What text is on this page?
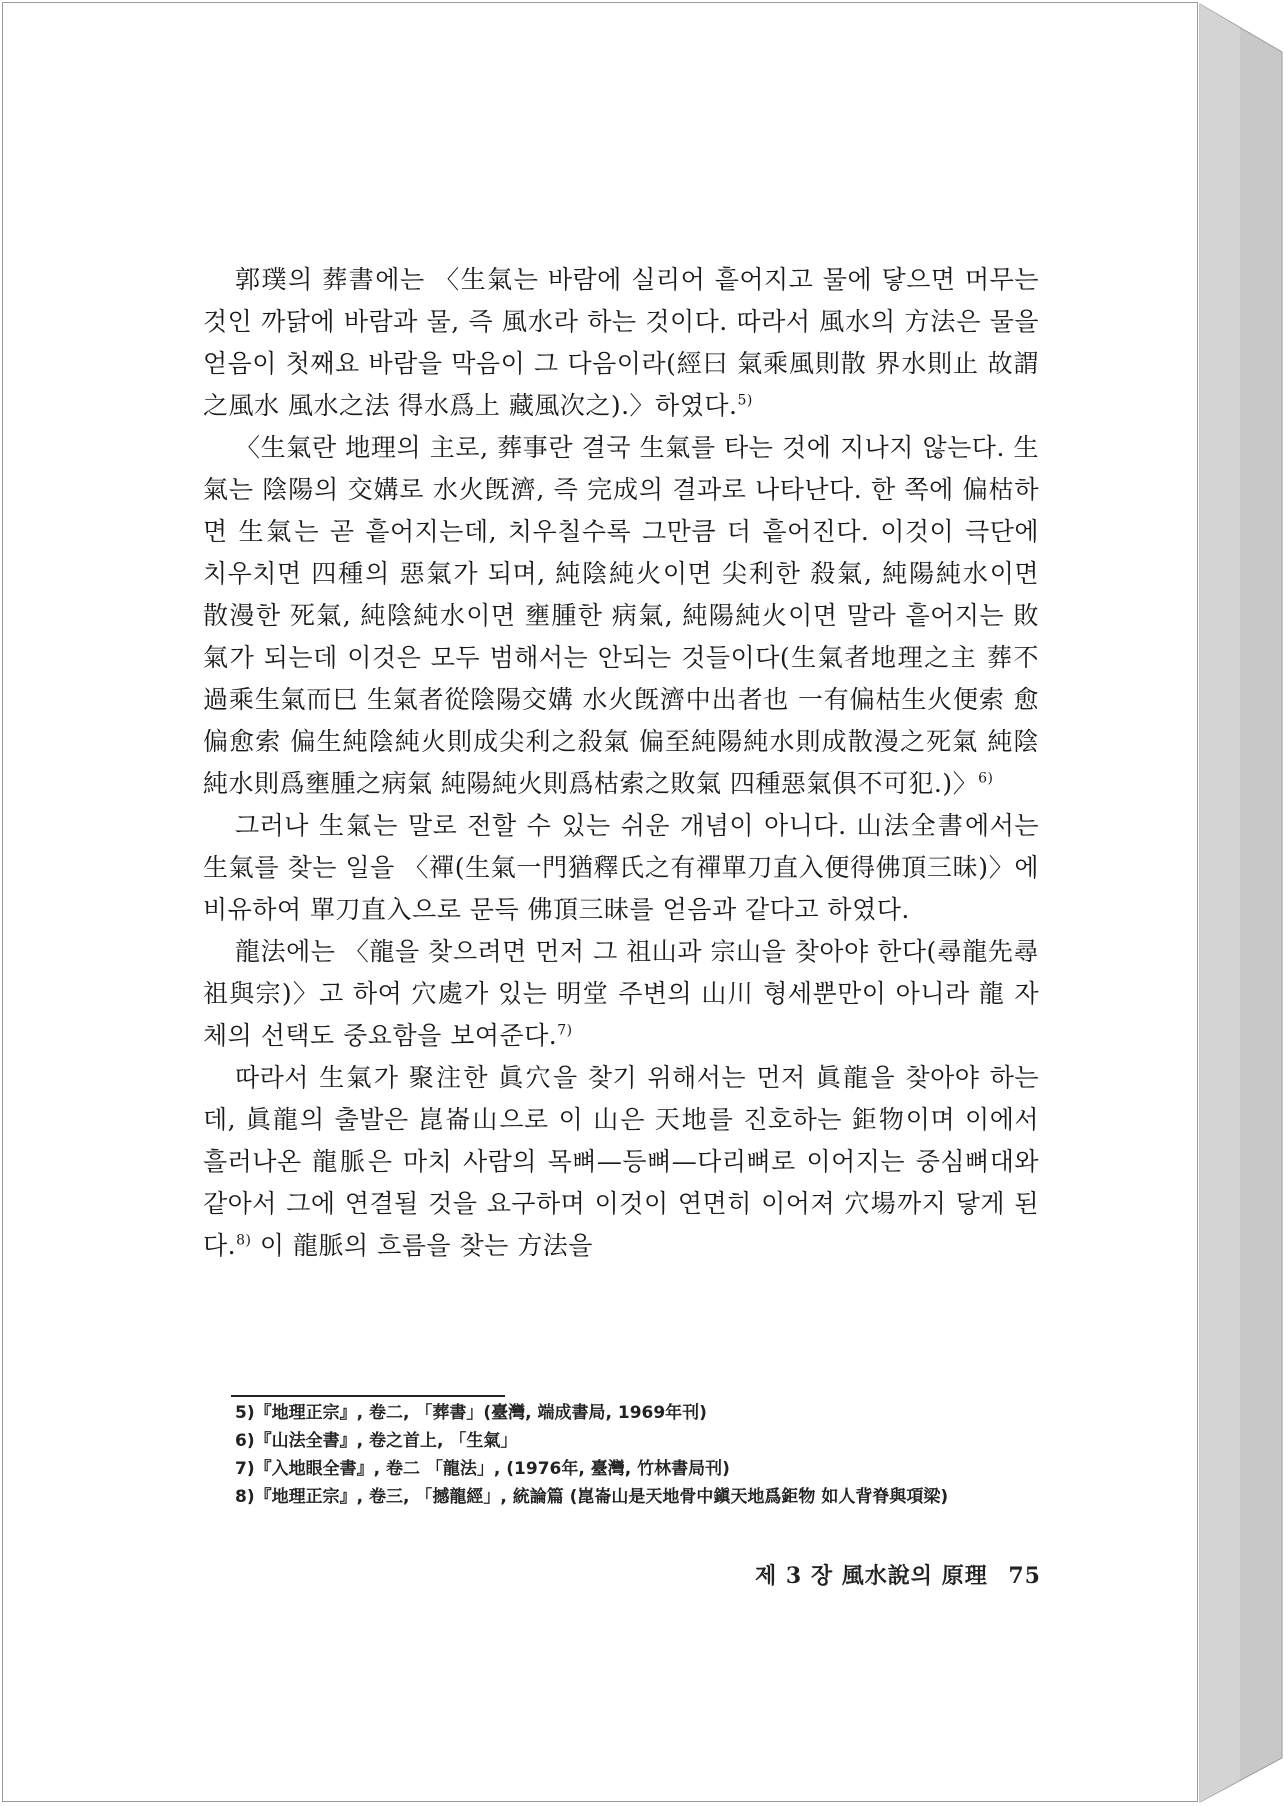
郭璞의 葬書에는 〈生氣는 바람에 실리어 흩어지고 물에 닿으면 머무는 것인 까닭에 바람과 물, 즉 風水라 하는 것이다. 따라서 風水의 方法은 물을 얻음이 첫째요 바람을 막음이 그 다음이라(經曰 氣乘風則散 界水則止 故謂之風水 風水之法 得水爲上 藏風次之).〉하였다.$^{5)}$

〈生氣란 地理의 主로, 葬事란 결국 生氣를 타는 것에 지나지 않는다. 生氣는 陰陽의 交媾로 水火旣濟, 즉 完成의 결과로 나타난다. 한 쪽에 偏枯하면 生氣는 곧 흩어지는데, 치우칠수록 그만큼 더 흩어진다. 이것이 극단에 치우치면 四種의 惡氣가 되며, 純陰純火이면 尖利한 殺氣, 純陽純水이면 散漫한 死氣, 純陰純水이면 壅腫한 病氣, 純陽純火이면 말라 흩어지는 敗氣가 되는데 이것은 모두 범해서는 안되는 것들이다(生氣者地理之主 葬不過乘生氣而巳 生氣者從陰陽交媾 水火旣濟中出者也 一有偏枯生火便索 愈偏愈索 偏生純陰純火則成尖利之殺氣 偏至純陽純水則成散漫之死氣 純陰純水則爲壅腫之病氣 純陽純火則爲枯索之敗氣 四種惡氣俱不可犯.)〉$^{6)}$

그러나 生氣는 말로 전할 수 있는 쉬운 개념이 아니다. 山法全書에서는 生氣를 찾는 일을 〈禪(生氣一門猶釋氏之有禪單刀直入便得佛頂三昧)〉에 비유하여 單刀直入으로 문득 佛頂三昧를 얻음과 같다고 하였다.

龍法에는 〈龍을 찾으려면 먼저 그 祖山과 宗山을 찾아야 한다(尋龍先尋祖與宗)〉고 하여 穴處가 있는 明堂 주변의 山川 형세뿐만이 아니라 龍 자체의 선택도 중요함을 보여준다.$^{7)}$

따라서 生氣가 聚注한 眞穴을 찾기 위해서는 먼저 眞龍을 찾아야 하는데, 眞龍의 출발은 崑崙山으로 이 山은 天地를 진호하는 鉅物이며 이에서 흘러나온 龍脈은 마치 사람의 목뼈—등뼈—다리뼈로 이어지는 중심뼈대와 같아서 그에 연결될 것을 요구하며 이것이 연면히 이어져 穴場까지 닿게 된다.$^{8)}$ 이 龍脈의 흐름을 찾는 方法을

5)『地理正宗』, 卷二, 「葬書」(臺灣, 端成書局, 1969年刊)
6)『山法全書』, 卷之首上, 「生氣」
7)『入地眼全書』, 卷二 「龍法」, (1976年, 臺灣, 竹林書局刊)
8)『地理正宗』, 卷三, 「撼龍經」, 統論篇 (崑崙山是天地骨中鎭天地爲鉅物 如人背脊與項梁)
제 3 장 風水說의 原理 75
